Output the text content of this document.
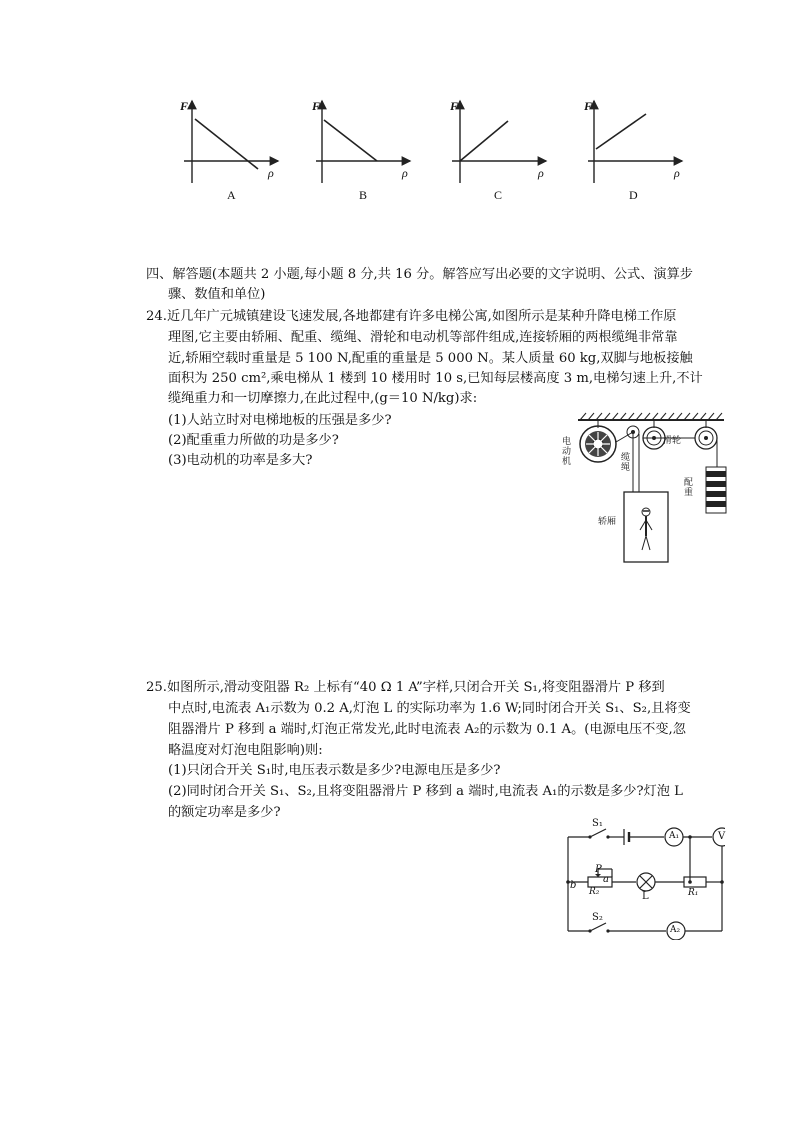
F	F	F	F
ρ	ρ	ρ	ρ
A	B	C	D
四、解答题(本题共 2 小题,每小题 8 分,共 16 分。解答应写出必要的文字说明、公式、演算步
骤、数值和单位)
24.近几年广元城镇建设飞速发展,各地都建有许多电梯公寓,如图所示是某种升降电梯工作原
理图,它主要由轿厢、配重、缆绳、滑轮和电动机等部件组成,连接轿厢的两根缆绳非常靠
近,轿厢空载时重量是 5 100 N,配重的重量是 5 000 N。某人质量 60 kg,双脚与地板接触
面积为 250 cm²,乘电梯从 1 楼到 10 楼用时 10 s,已知每层楼高度 3 m,电梯匀速上升,不计
缆绳重力和一切摩擦力,在此过程中,(g＝10 N/kg)求:
(1)人站立时对电梯地板的压强是多少?
(2)配重重力所做的功是多少?
(3)电动机的功率是多大?
电动机	缆绳
滑轮
配重
轿厢
25.如图所示,滑动变阻器 R₂ 上标有“40 Ω 1 A”字样,只闭合开关 S₁,将变阻器滑片 P 移到
中点时,电流表 A₁示数为 0.2 A,灯泡 L 的实际功率为 1.6 W;同时闭合开关 S₁、S₂,且将变
阻器滑片 P 移到 a 端时,灯泡正常发光,此时电流表 A₂的示数为 0.1 A。(电源电压不变,忽
略温度对灯泡电阻影响)则:
(1)只闭合开关 S₁时,电压表示数是多少?电源电压是多少?
(2)同时闭合开关 S₁、S₂,且将变阻器滑片 P 移到 a 端时,电流表 A₁的示数是多少?灯泡 L
的额定功率是多少?
S₁
A₁	V
P
b
a
R₂	L	R₁
S₂
A₂
